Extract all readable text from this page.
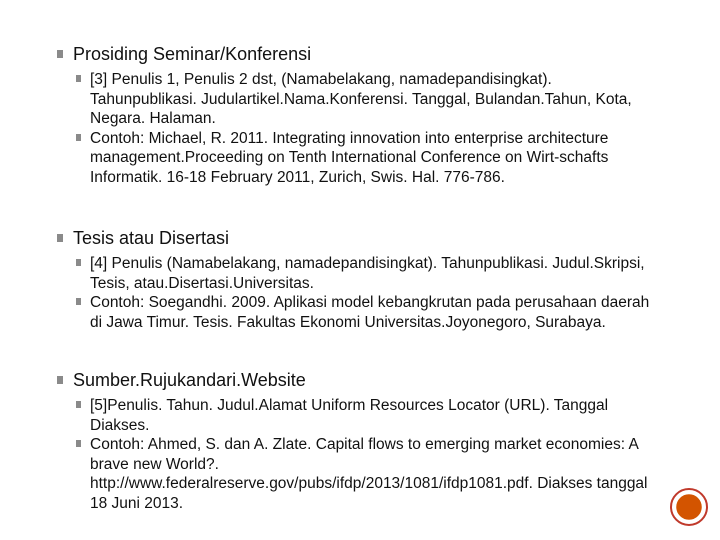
Prosiding Seminar/Konferensi
[3] Penulis 1, Penulis 2 dst, (Namabelakang, namadepandisingkat). Tahunpublikasi. Judulartikel.Nama.Konferensi. Tanggal, Bulandan.Tahun, Kota, Negara. Halaman.
Contoh: Michael, R. 2011. Integrating innovation into enterprise architecture management.Proceeding on Tenth International Conference on Wirt-schafts Informatik. 16-18 February 2011, Zurich, Swis. Hal. 776-786.
Tesis atau Disertasi
[4] Penulis (Namabelakang, namadepandisingkat). Tahunpublikasi. Judul.Skripsi, Tesis, atau.Disertasi.Universitas.
Contoh: Soegandhi. 2009. Aplikasi model kebangkrutan pada perusahaan daerah di Jawa Timur. Tesis. Fakultas Ekonomi Universitas.Joyonegoro, Surabaya.
Sumber.Rujukandari.Website
[5]Penulis. Tahun. Judul.Alamat Uniform Resources Locator (URL). Tanggal Diakses.
Contoh: Ahmed, S. dan A. Zlate. Capital flows to emerging market economies: A brave new World?. http://www.federalreserve.gov/pubs/ifdp/2013/1081/ifdp1081.pdf. Diakses tanggal 18 Juni 2013.
